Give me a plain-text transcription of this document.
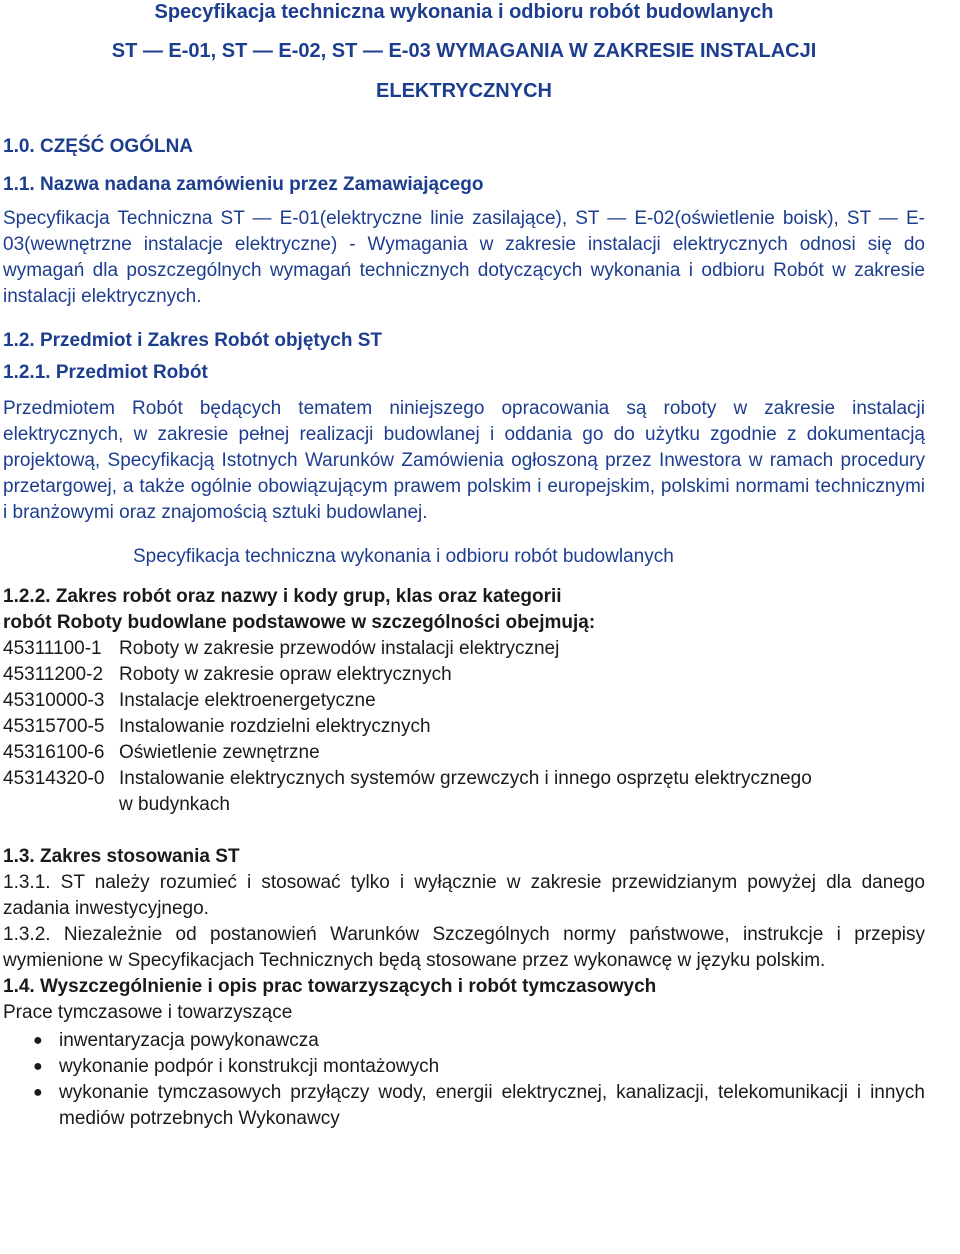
Specyfikacja techniczna wykonania i odbioru robót budowlanych
ST — E-01, ST — E-02, ST — E-03 WYMAGANIA W ZAKRESIE INSTALACJI
ELEKTRYCZNYCH
1.0. CZĘŚĆ OGÓLNA
1.1. Nazwa nadana zamówieniu przez Zamawiającego
Specyfikacja Techniczna ST — E-01(elektryczne linie zasilające), ST — E-02(oświetlenie boisk), ST — E-03(wewnętrzne instalacje elektryczne) - Wymagania w zakresie instalacji elektrycznych odnosi się do wymagań dla poszczególnych wymagań technicznych dotyczących wykonania i odbioru Robót w zakresie instalacji elektrycznych.
1.2. Przedmiot i Zakres Robót objętych ST
1.2.1. Przedmiot Robót
Przedmiotem Robót będących tematem niniejszego opracowania są roboty w zakresie instalacji elektrycznych, w zakresie pełnej realizacji budowlanej i oddania go do użytku zgodnie z dokumentacją projektową, Specyfikacją Istotnych Warunków Zamówienia ogłoszoną przez Inwestora w ramach procedury przetargowej, a także ogólnie obowiązującym prawem polskim i europejskim, polskimi normami technicznymi i branżowymi oraz znajomością sztuki budowlanej.
Specyfikacja techniczna wykonania i odbioru robót budowlanych
1.2.2. Zakres robót oraz nazwy i kody grup, klas oraz kategorii
robót Roboty budowlane podstawowe w szczególności obejmują:
45311100-1 Roboty w zakresie przewodów instalacji elektrycznej
45311200-2 Roboty w zakresie opraw elektrycznych
45310000-3 Instalacje elektroenergetyczne
45315700-5 Instalowanie rozdzielni elektrycznych
45316100-6 Oświetlenie zewnętrzne
45314320-0 Instalowanie elektrycznych systemów grzewczych i innego osprzętu elektrycznego
w budynkach
1.3. Zakres stosowania ST
1.3.1. ST należy rozumieć i stosować tylko i wyłącznie w zakresie przewidzianym powyżej dla danego zadania inwestycyjnego.
1.3.2. Niezależnie od postanowień Warunków Szczególnych normy państwowe, instrukcje i przepisy wymienione w Specyfikacjach Technicznych będą stosowane przez wykonawcę w języku polskim.
1.4. Wyszczególnienie i opis prac towarzyszących i robót tymczasowych
Prace tymczasowe i towarzyszące
● inwentaryzacja powykonawcza
● wykonanie podpór i konstrukcji montażowych
● wykonanie tymczasowych przyłączy wody, energii elektrycznej, kanalizacji, telekomunikacji i innych mediów potrzebnych Wykonawcy
